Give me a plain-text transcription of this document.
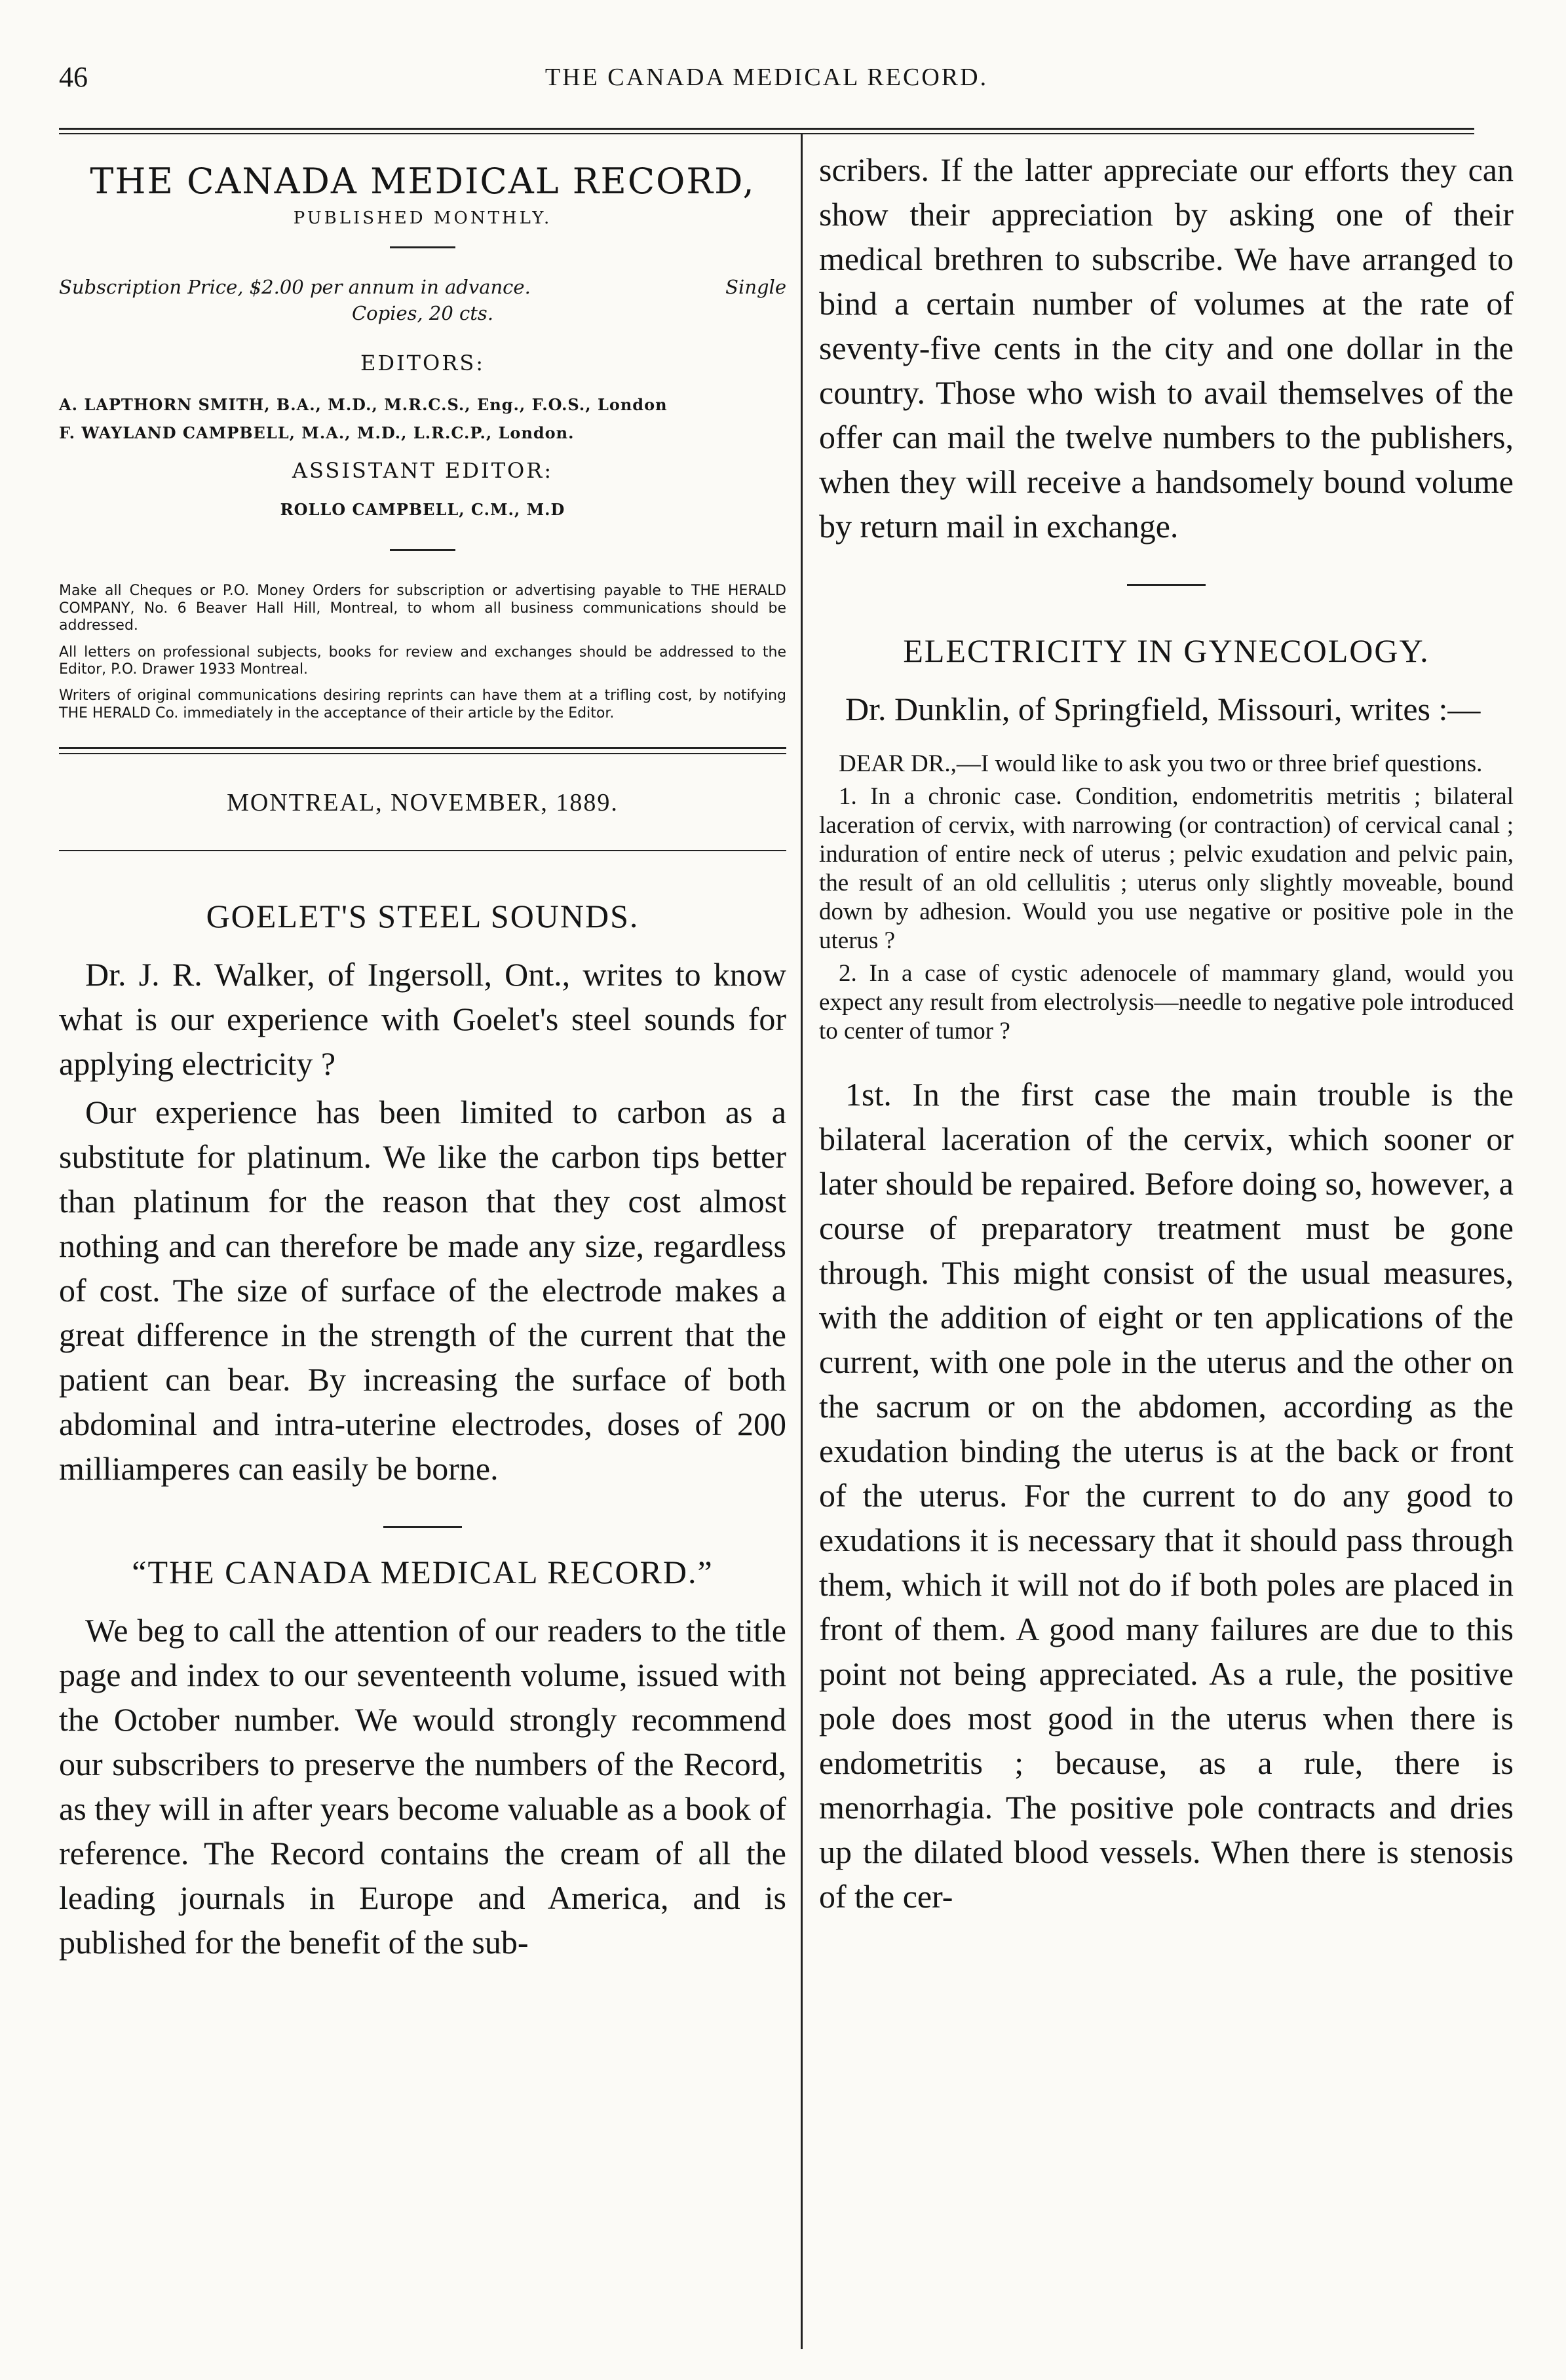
46	THE CANADA MEDICAL RECORD.
THE CANADA MEDICAL RECORD,
PUBLISHED MONTHLY.
Subscription Price, $2.00 per annum in advance.	Single
Copies, 20 cts.
EDITORS:
A. LAPTHORN SMITH, B.A., M.D., M.R.C.S., Eng., F.O.S., London
F. WAYLAND CAMPBELL, M.A., M.D., L.R.C.P., London.
ASSISTANT EDITOR:
ROLLO CAMPBELL, C.M., M.D

Make all Cheques or P.O. Money Orders for subscription or advertising payable to THE HERALD COMPANY, No. 6 Beaver Hall Hill, Montreal, to whom all business communications should be addressed.

All letters on professional subjects, books for review and exchanges should be addressed to the Editor, P.O. Drawer 1933 Montreal.

Writers of original communications desiring reprints can have them at a trifling cost, by notifying THE HERALD Co. immediately in the acceptance of their article by the Editor.

MONTREAL, NOVEMBER, 1889.
GOELET'S STEEL SOUNDS.

Dr. J. R. Walker, of Ingersoll, Ont., writes to know what is our experience with Goelet's steel sounds for applying electricity ?

Our experience has been limited to carbon as a substitute for platinum. We like the carbon tips better than platinum for the reason that they cost almost nothing and can therefore be made any size, regardless of cost. The size of surface of the electrode makes a great difference in the strength of the current that the patient can bear. By increasing the surface of both abdominal and intra-uterine electrodes, doses of 200 milliamperes can easily be borne.

“THE CANADA MEDICAL RECORD.”

We beg to call the attention of our readers to the title page and index to our seventeenth volume, issued with the October number. We would strongly recommend our subscribers to preserve the numbers of the Record, as they will in after years become valuable as a book of reference. The Record contains the cream of all the leading journals in Europe and America, and is published for the benefit of the sub-

scribers. If the latter appreciate our efforts they can show their appreciation by asking one of their medical brethren to subscribe. We have arranged to bind a certain number of volumes at the rate of seventy-five cents in the city and one dollar in the country. Those who wish to avail themselves of the offer can mail the twelve numbers to the publishers, when they will receive a handsomely bound volume by return mail in exchange.

ELECTRICITY IN GYNECOLOGY.

Dr. Dunklin, of Springfield, Missouri, writes :—

DEAR DR.,—I would like to ask you two or three brief questions.

1. In a chronic case. Condition, endometritis metritis ; bilateral laceration of cervix, with narrowing (or contraction) of cervical canal ; induration of entire neck of uterus ; pelvic exudation and pelvic pain, the result of an old cellulitis ; uterus only slightly moveable, bound down by adhesion. Would you use negative or positive pole in the uterus ?

2. In a case of cystic adenocele of mammary gland, would you expect any result from electrolysis—needle to negative pole introduced to center of tumor ?

1st. In the first case the main trouble is the bilateral laceration of the cervix, which sooner or later should be repaired. Before doing so, however, a course of preparatory treatment must be gone through. This might consist of the usual measures, with the addition of eight or ten applications of the current, with one pole in the uterus and the other on the sacrum or on the abdomen, according as the exudation binding the uterus is at the back or front of the uterus. For the current to do any good to exudations it is necessary that it should pass through them, which it will not do if both poles are placed in front of them. A good many failures are due to this point not being appreciated. As a rule, the positive pole does most good in the uterus when there is endometritis ; because, as a rule, there is menorrhagia. The positive pole contracts and dries up the dilated blood vessels. When there is stenosis of the cer-
